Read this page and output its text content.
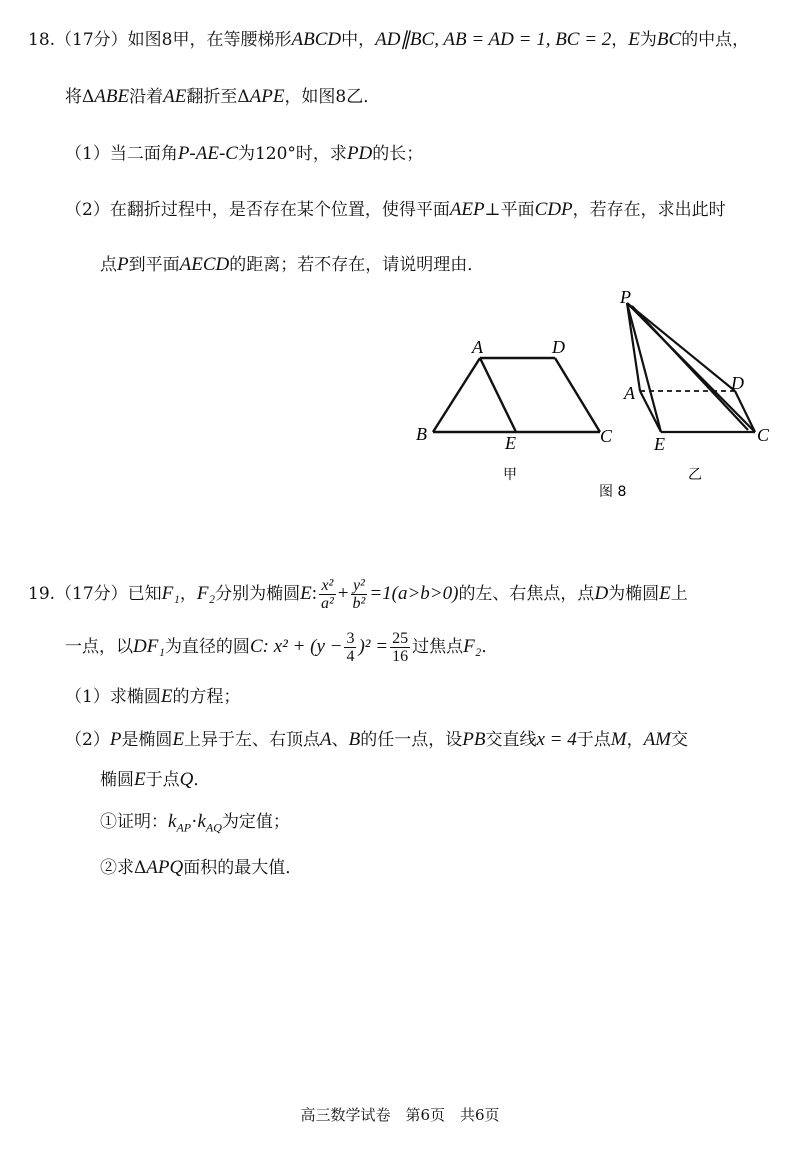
18.（17分）如图8甲，在等腰梯形ABCD中，AD∥BC, AB = AD = 1, BC = 2，E为BC的中点，
将ΔABE沿着AE翻折至ΔAPE，如图8乙．
（1）当二面角P-AE-C为120°时，求PD的长；
（2）在翻折过程中，是否存在某个位置，使得平面AEP⊥平面CDP，若存在，求出此时
点P到平面AECD的距离；若不存在，请说明理由．
A	D
B	E	C
甲
P
A	D
E	C
乙
图 8
19.（17分）已知F₁，F₂分别为椭圆E: $\frac{\text{x²}}{\text{a²}} + \frac{\text{y²}}{\text{b²}} =1(a>b>0)$的左、右焦点，点D为椭圆E上
一点，以DF₁为直径的圆C: $x^2 + (y - \frac{3}{4} )^2 = \frac{25}{16}$ 过焦点F₂．
（1）求椭圆E的方程；
（2）P是椭圆E上异于左、右顶点A、B的任一点，设PB交直线x = 4于点M，AM交
椭圆E于点Q．
①证明：$k_{AP}\cdot k_{AQ}$为定值；
②求ΔAPQ面积的最大值．
高三数学试卷　第6页　共6页
